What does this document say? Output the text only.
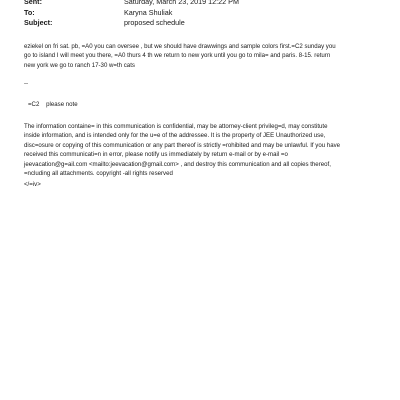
Sent:	Saturday, March 23, 2019 12:22 PM
To:	Karyna Shuliak
Subject:	proposed schedule

eziekel on fri sat. pb, =A0 you can oversee , but we should have drawwings and sample colors first.=C2 sunday you

go to island I will meet you there, =A0 thurs 4 th we return to new york until you go to mila= and paris. 8-15. return

new york we go to ranch 17-30 w=th cats

--
=C2    please note

The information containe= in this communication is confidential, may be attorney-client privileg=d, may constitute

inside information, and is intended only for the u=e of the addressee. It is the property of JEE Unauthorized use,

disc=osure or copying of this communication or any part thereof is strictly =rohibited and may be unlawful. If you have

received this communicati=n in error, please notify us immediately by return e-mail or by e-mail =o

jeevacation@g=ail.com <mailto:jeevacation@gmail.com> , and destroy this communication and all copies thereof,

=ncluding all attachments. copyright -all rights reserved

</=iv>
